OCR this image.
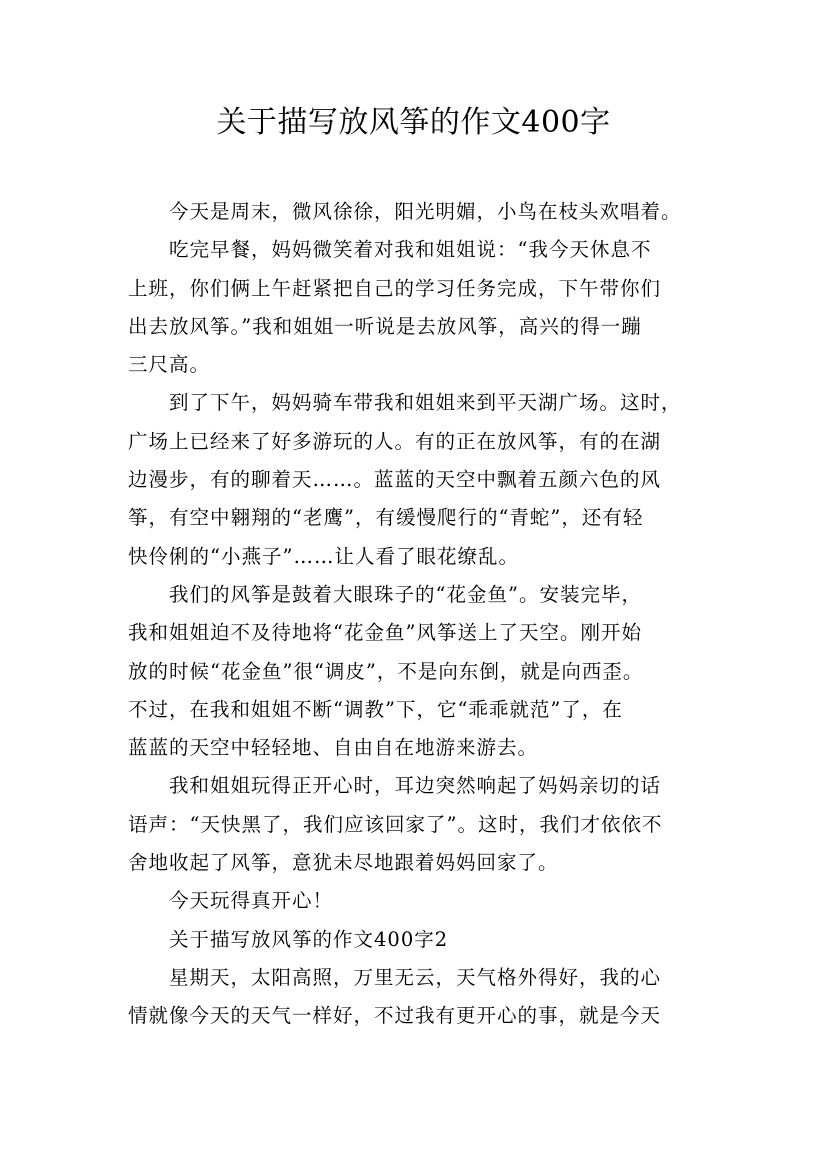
关于描写放风筝的作文400字
今天是周末，微风徐徐，阳光明媚，小鸟在枝头欢唱着。
吃完早餐，妈妈微笑着对我和姐姐说：“我今天休息不
上班，你们俩上午赶紧把自己的学习任务完成，下午带你们
出去放风筝。”我和姐姐一听说是去放风筝，高兴的得一蹦
三尺高。
到了下午，妈妈骑车带我和姐姐来到平天湖广场。这时，
广场上已经来了好多游玩的人。有的正在放风筝，有的在湖
边漫步，有的聊着天……。蓝蓝的天空中飘着五颜六色的风
筝，有空中翱翔的“老鹰”，有缓慢爬行的“青蛇”，还有轻
快伶俐的“小燕子”……让人看了眼花缭乱。
我们的风筝是鼓着大眼珠子的“花金鱼”。安装完毕，
我和姐姐迫不及待地将“花金鱼”风筝送上了天空。刚开始
放的时候“花金鱼”很“调皮”，不是向东倒，就是向西歪。
不过，在我和姐姐不断“调教”下，它“乖乖就范”了，在
蓝蓝的天空中轻轻地、自由自在地游来游去。
我和姐姐玩得正开心时，耳边突然响起了妈妈亲切的话
语声：“天快黑了，我们应该回家了”。这时，我们才依依不
舍地收起了风筝，意犹未尽地跟着妈妈回家了。
今天玩得真开心！
关于描写放风筝的作文400字2
星期天，太阳高照，万里无云，天气格外得好，我的心
情就像今天的天气一样好，不过我有更开心的事，就是今天
